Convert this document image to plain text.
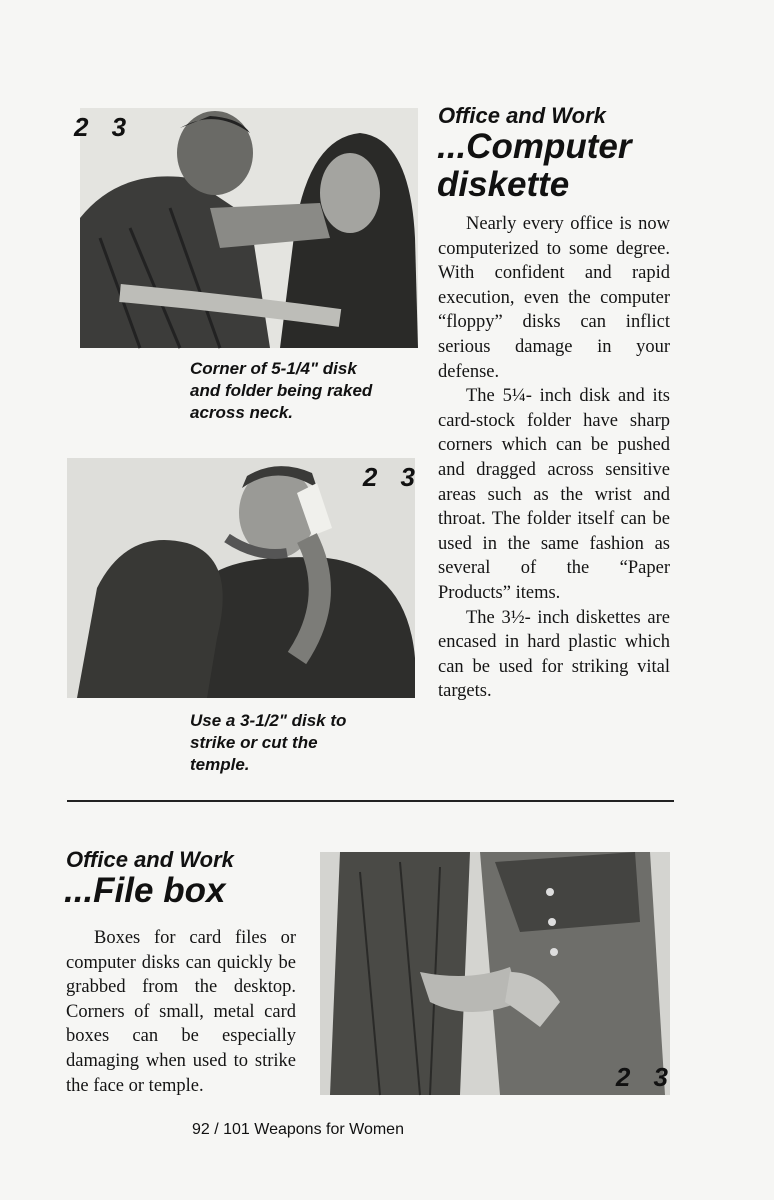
2 3
Corner of 5-1/4" disk
and folder being raked
across neck.
2 3
Use a 3-1/2" disk to
strike or cut the
temple.
Office and Work
...Computer
diskette

Nearly every office is now computerized to some degree. With confident and rapid execution, even the computer “floppy” disks can inflict serious damage in your defense.

The 5¼- inch disk and its card-stock folder have sharp corners which can be pushed and dragged across sensitive areas such as the wrist and throat. The folder itself can be used in the same fashion as several of the “Paper Products” items.

The 3½- inch diskettes are encased in hard plastic which can be used for striking vital targets.

Office and Work
...File box

Boxes for card files or computer disks can quickly be grabbed from the desktop. Corners of small, metal card boxes can be especially damaging when used to strike the face or temple.	2 3
92 / 101 Weapons for Women
